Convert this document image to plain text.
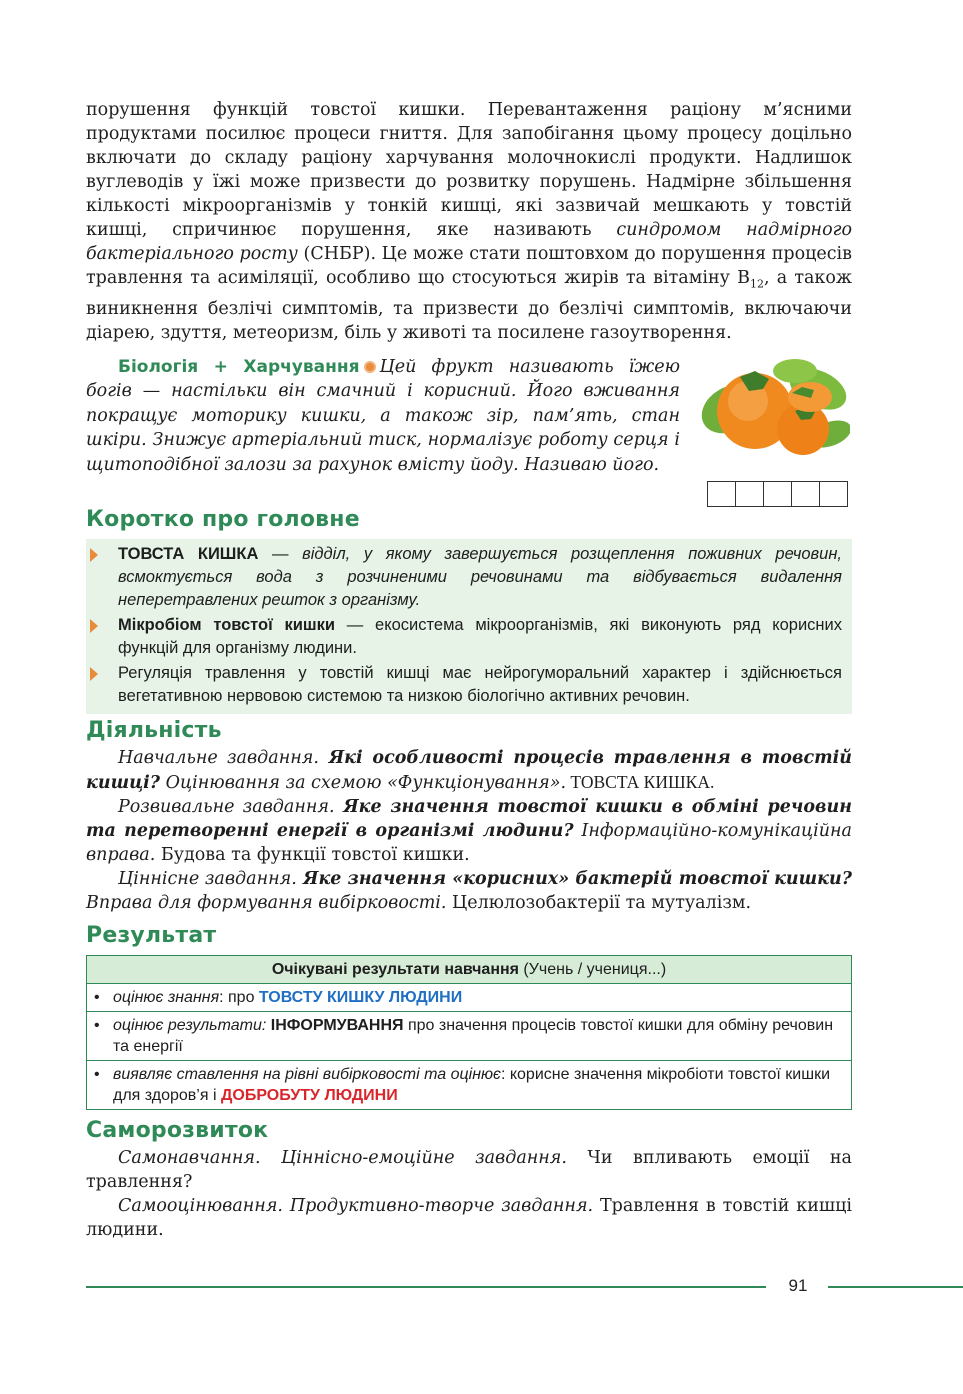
порушення функцій товстої кишки. Перевантаження раціону м’ясними продуктами посилює процеси гниття. Для запобігання цьому процесу доцільно включати до складу раціону харчування молочнокислі продукти. Надлишок вуглеводів у їжі може призвести до розвитку порушень. Надмірне збільшення кількості мікроорганізмів у тонкій кишці, які зазвичай мешкають у товстій кишці, спричинює порушення, яке називають синдромом надмірного бактеріального росту (СНБР). Це може стати поштовхом до порушення процесів травлення та асиміляції, особливо що стосуються жирів та вітаміну $B_{12}$, а також виникнення безлічі симптомів, та призвести до безлічі симптомів, включаючи діарею, здуття, метеоризм, біль у животі та посилене газоутворення.

Біологія + Харчування Цей фрукт називають їжею богів — настільки він смачний і корисний. Його вживання покращує моторику кишки, а також зір, пам’ять, стан шкіри. Знижує артеріальний тиск, нормалізує роботу серця і щитоподібної залози за рахунок вмісту йоду. Називаю його.
Коротко про головне
ТОВСТА КИШКА — відділ, у якому завершується розщеплення поживних речовин, всмоктується вода з розчиненими речовинами та відбувається видалення неперетравлених решток з організму.
Мікробіом товстої кишки — екосистема мікроорганізмів, які виконують ряд корисних функцій для організму людини.
Регуляція травлення у товстій кишці має нейрогуморальний характер і здійснюється вегетативною нервовою системою та низкою біологічно активних речовин.
Діяльність

Навчальне завдання. Які особливості процесів травлення в товстій кишці? Оцінювання за схемою «Функціонування». ТОВСТА КИШКА.

Розвивальне завдання. Яке значення товстої кишки в обміні речовин та перетворенні енергії в організмі людини? Інформаційно-комунікаційна вправа. Будова та функції товстої кишки.

Ціннісне завдання. Яке значення «корисних» бактерій товстої кишки? Вправа для формування вибірковості. Целюлозобактерії та мутуалізм.

Результат
Очікувані результати навчання (Учень / учениця...)

• оцінює знання: про ТОВСТУ КИШКУ ЛЮДИНИ

• оцінює результати: ІНФОРМУВАННЯ про значення процесів товстої кишки для обміну речовин та енергії

• виявляє ставлення на рівні вибірковості та оцінює: корисне значення мікробіоти товстої кишки для здоров’я і ДОБРОБУТУ ЛЮДИНИ
Саморозвиток

Самонавчання. Ціннісно-емоційне завдання. Чи впливають емоції на травлення?

Самооцінювання. Продуктивно-творче завдання. Травлення в товстій кишці людини.

91
